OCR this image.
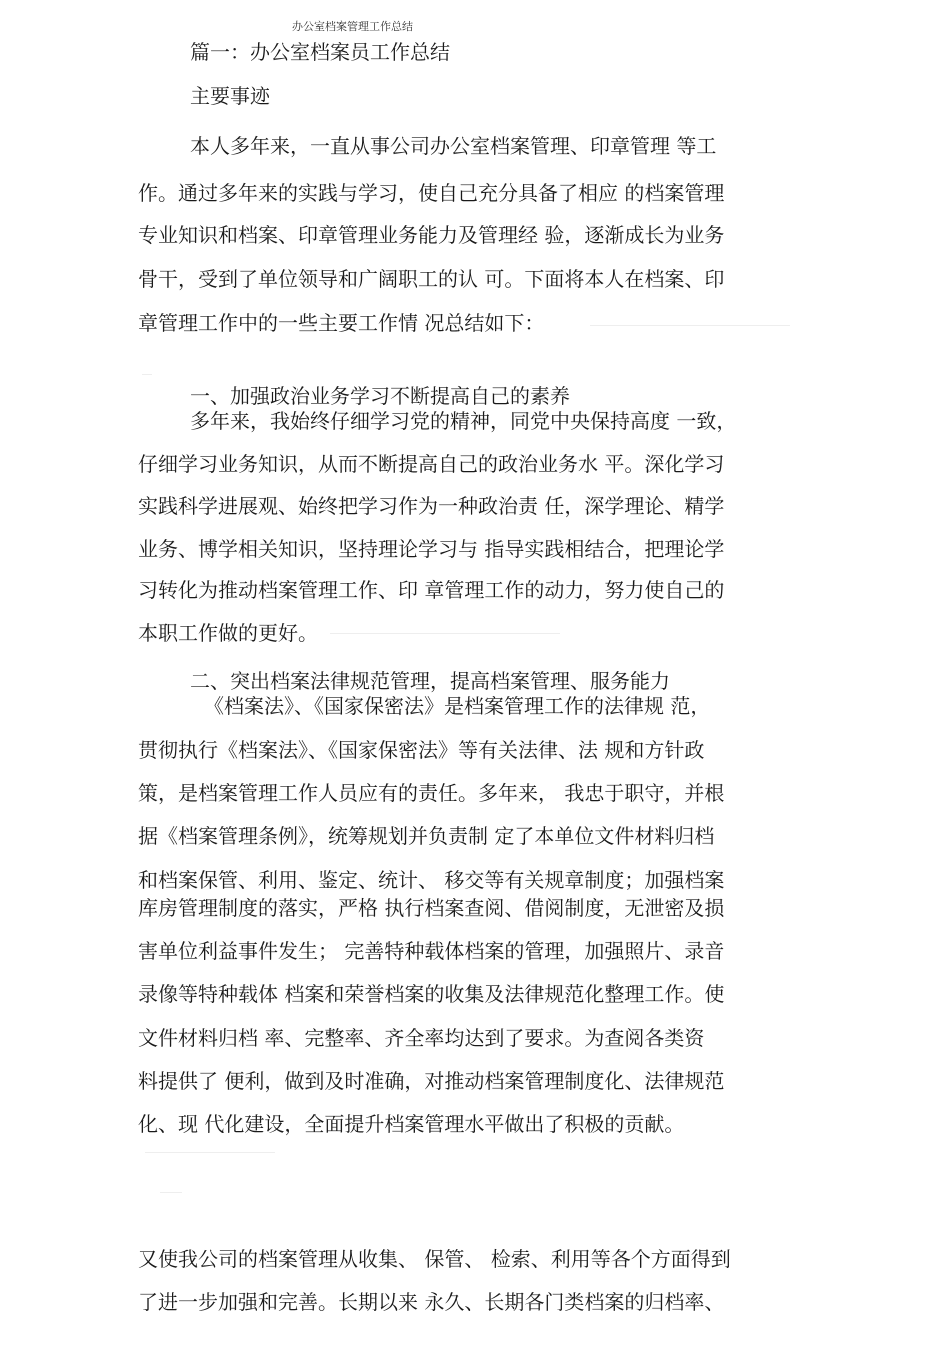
办公室档案管理工作总结
篇一：办公室档案员工作总结
主要事迹
本人多年来，一直从事公司办公室档案管理、印章管理 等工
作。通过多年来的实践与学习，使自己充分具备了相应 的档案管理
专业知识和档案、印章管理业务能力及管理经 验，逐渐成长为业务
骨干，受到了单位领导和广阔职工的认 可。下面将本人在档案、印
章管理工作中的一些主要工作情 况总结如下：
一、加强政治业务学习不断提高自己的素养
多年来，我始终仔细学习党的精神，同党中央保持高度 一致，
仔细学习业务知识，从而不断提高自己的政治业务水 平。深化学习
实践科学进展观、始终把学习作为一种政治责 任，深学理论、精学
业务、博学相关知识，坚持理论学习与 指导实践相结合，把理论学
习转化为推动档案管理工作、印 章管理工作的动力，努力使自己的
本职工作做的更好。
二、突出档案法律规范管理，提高档案管理、服务能力
《档案法》、《国家保密法》是档案管理工作的法律规 范，
贯彻执行《档案法》、《国家保密法》等有关法律、法 规和方针政
策，是档案管理工作人员应有的责任。多年来， 我忠于职守，并根
据《档案管理条例》，统筹规划并负责制 定了本单位文件材料归档
和档案保管、利用、鉴定、统计、 移交等有关规章制度；加强档案
库房管理制度的落实，严格 执行档案查阅、借阅制度，无泄密及损
害单位利益事件发生； 完善特种载体档案的管理，加强照片、录音
录像等特种载体 档案和荣誉档案的收集及法律规范化整理工作。使
文件材料归档 率、完整率、齐全率均达到了要求。为查阅各类资
料提供了 便利，做到及时准确，对推动档案管理制度化、法律规范
化、现 代化建设，全面提升档案管理水平做出了积极的贡献。
又使我公司的档案管理从收集、 保管、 检索、利用等各个方面得到
了进一步加强和完善。长期以来 永久、长期各门类档案的归档率、
